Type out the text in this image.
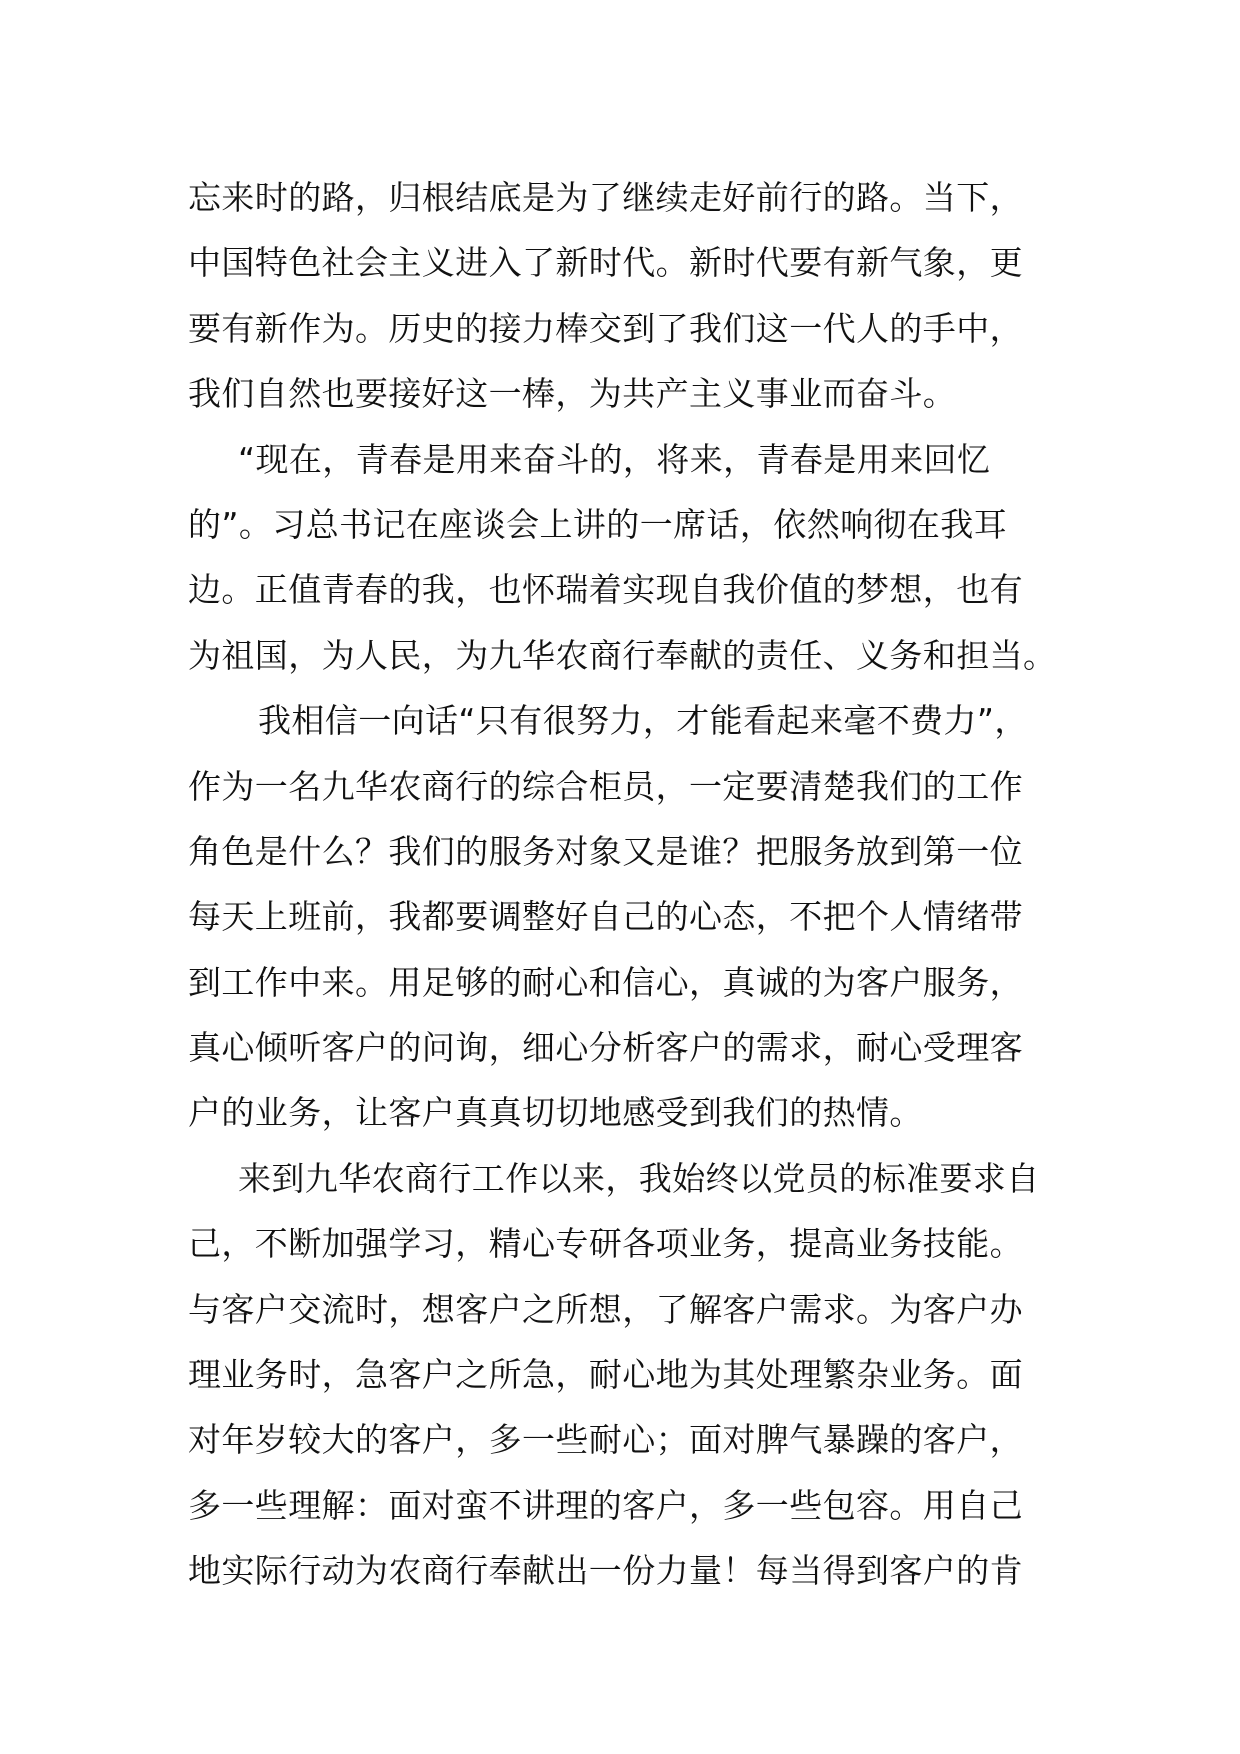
忘来时的路，归根结底是为了继续走好前行的路。当下，
中国特色社会主义进入了新时代。新时代要有新气象，更
要有新作为。历史的接力棒交到了我们这一代人的手中，
我们自然也要接好这一棒，为共产主义事业而奋斗。
“现在，青春是用来奋斗的，将来，青春是用来回忆
的”。习总书记在座谈会上讲的一席话，依然响彻在我耳
边。正值青春的我，也怀瑞着实现自我价值的梦想，也有
为祖国，为人民，为九华农商行奉献的责任、义务和担当。
我相信一向话“只有很努力，才能看起来毫不费力”，
作为一名九华农商行的综合柜员，一定要清楚我们的工作
角色是什么？我们的服务对象又是谁？把服务放到第一位
每天上班前，我都要调整好自己的心态，不把个人情绪带
到工作中来。用足够的耐心和信心，真诚的为客户服务，
真心倾听客户的问询，细心分析客户的需求，耐心受理客
户的业务，让客户真真切切地感受到我们的热情。
来到九华农商行工作以来，我始终以党员的标准要求自
己，不断加强学习，精心专研各项业务，提高业务技能。
与客户交流时，想客户之所想，了解客户需求。为客户办
理业务时，急客户之所急，耐心地为其处理繁杂业务。面
对年岁较大的客户，多一些耐心；面对脾气暴躁的客户，
多一些理解：面对蛮不讲理的客户，多一些包容。用自己
地实际行动为农商行奉献出一份力量！每当得到客户的肯
